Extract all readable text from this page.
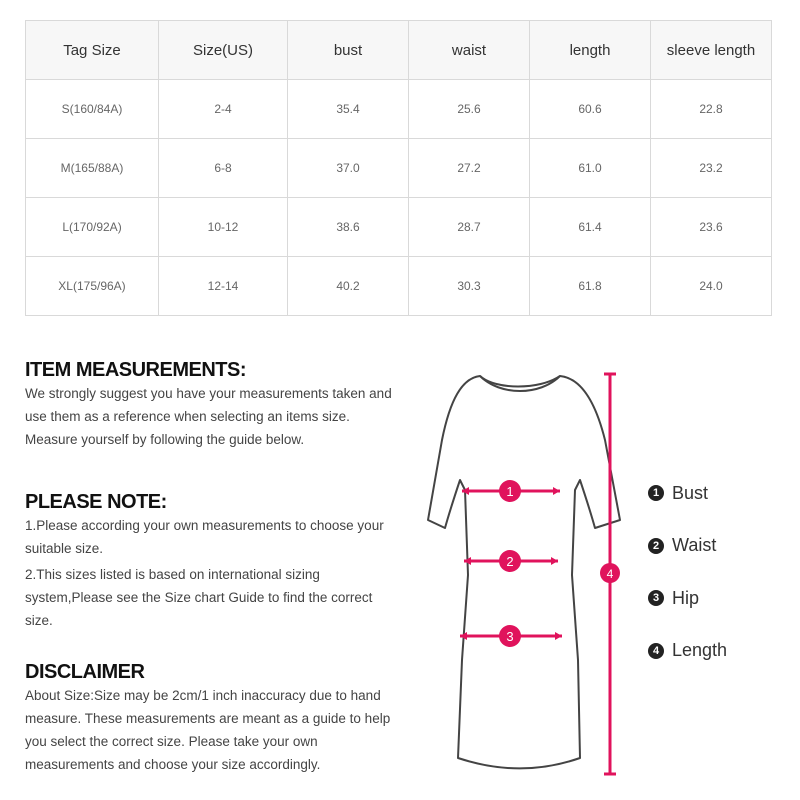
Tag Size	Size(US)	bust	waist	length	sleeve length
S(160/84A)	2-4	35.4	25.6	60.6	22.8
M(165/88A)	6-8	37.0	27.2	61.0	23.2
L(170/92A)	10-12	38.6	28.7	61.4	23.6
XL(175/96A)	12-14	40.2	30.3	61.8	24.0
ITEM MEASUREMENTS:

We strongly suggest you have your measurements taken and use them as a reference when selecting an items size. Measure yourself by following the guide below.

PLEASE NOTE:

1.Please according your own measurements to choose your suitable size.

2.This sizes listed is based on international sizing system,Please see the Size chart Guide to find the correct size.

DISCLAIMER

About Size:Size may be 2cm/1 inch inaccuracy due to hand measure. These measurements are meant as a guide to help you select the correct size. Please take your own measurements and choose your size accordingly.

1
2
3
4
1 Bust
2 Waist
3 Hip
4 Length
